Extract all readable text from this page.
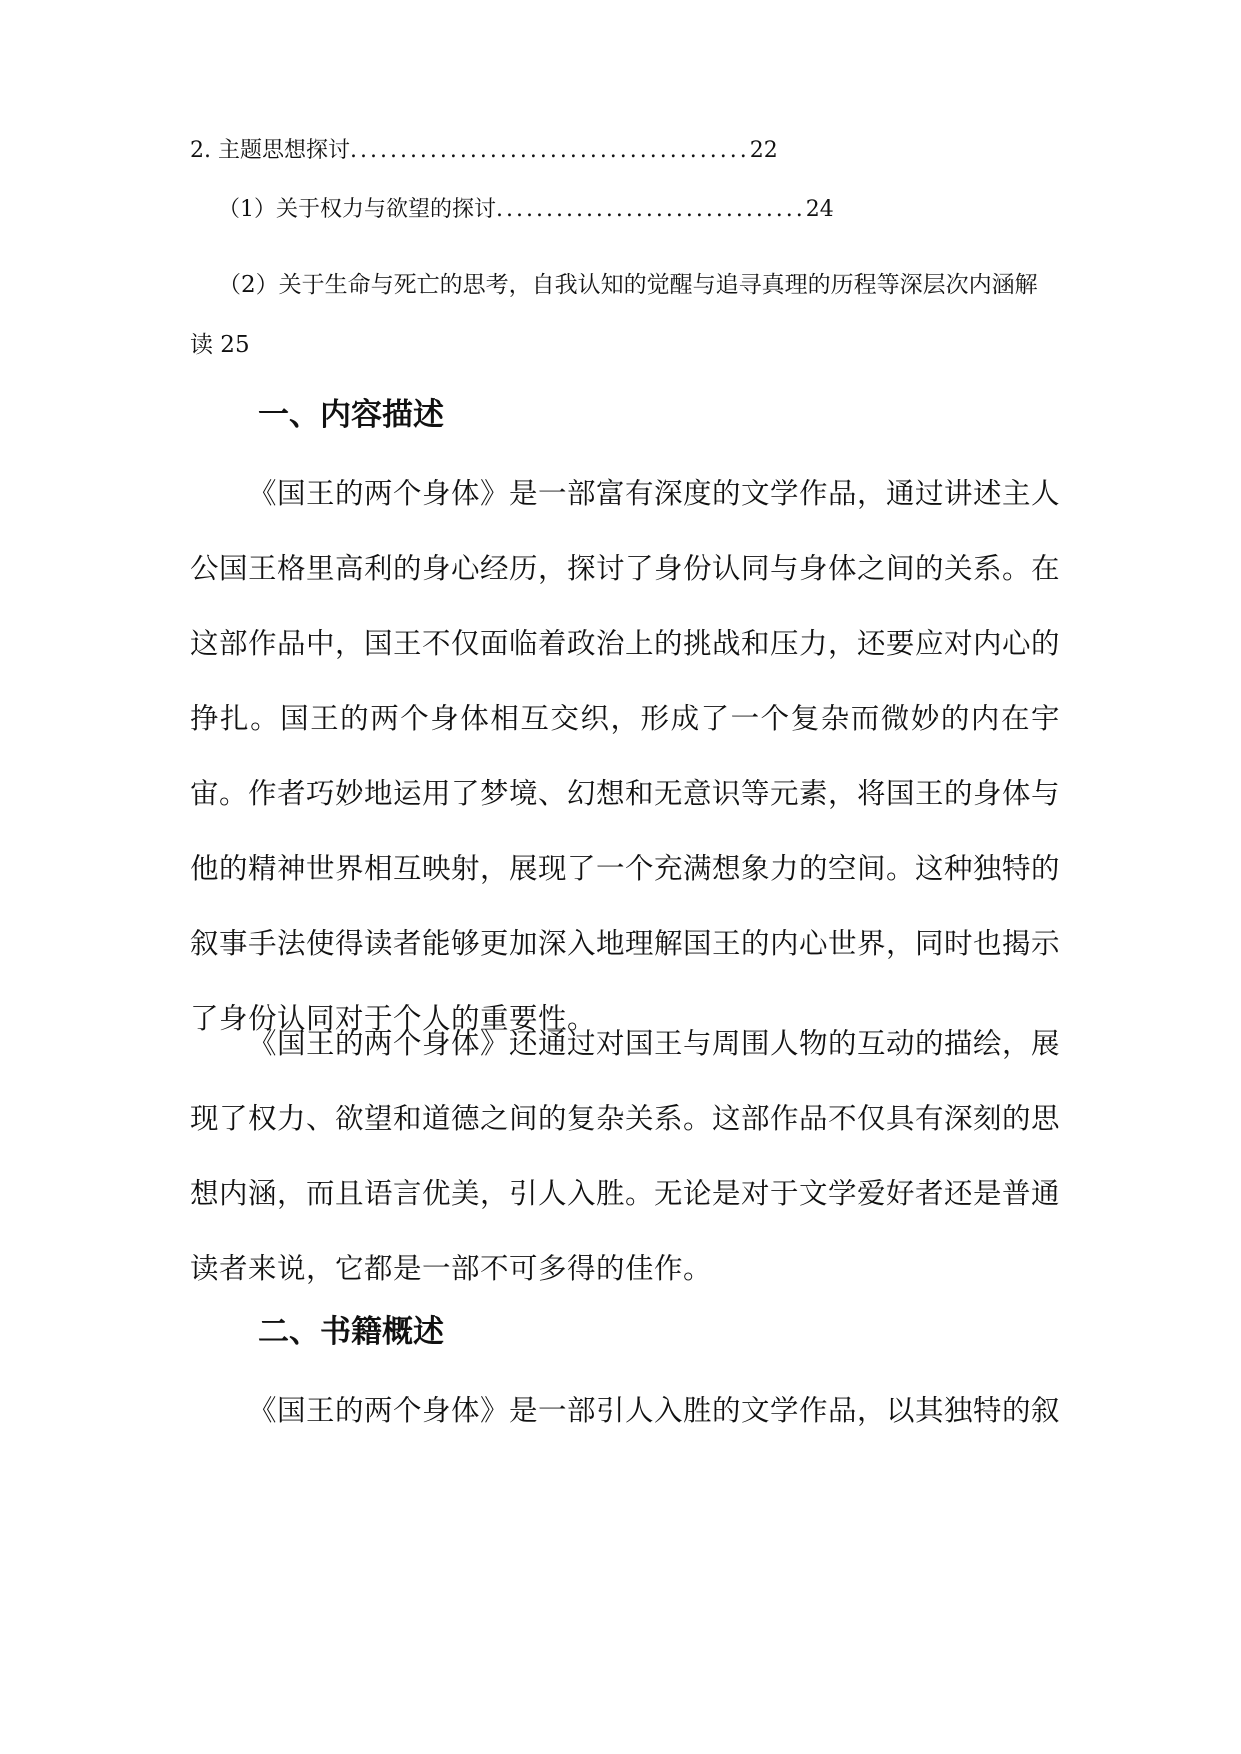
2. 主题思想探讨........................................22
（1）关于权力与欲望的探讨...............................24
（2）关于生命与死亡的思考，自我认知的觉醒与追寻真理的历程等深层次内涵解读 25
一、内容描述

《国王的两个身体》是一部富有深度的文学作品，通过讲述主人公国王格里高利的身心经历，探讨了身份认同与身体之间的关系。在这部作品中，国王不仅面临着政治上的挑战和压力，还要应对内心的挣扎。国王的两个身体相互交织，形成了一个复杂而微妙的内在宇宙。 作者巧妙地运用了梦境、幻想和无意识等元素，将国王的身体与他的精神世界相互映射，展现了一个充满想象力的空间。这种独特的叙事手法使得读者能够更加深入地理解国王的内心世界，同时也揭示了身份认同对于个人的重要性。

《国王的两个身体》还通过对国王与周围人物的互动的描绘，展现了权力、欲望和道德之间的复杂关系。这部作品不仅具有深刻的思想内涵，而且语言优美，引人入胜。无论是对于文学爱好者还是普通读者来说，它都是一部不可多得的佳作。

二、书籍概述

《国王的两个身体》是一部引人入胜的文学作品，以其独特的叙
